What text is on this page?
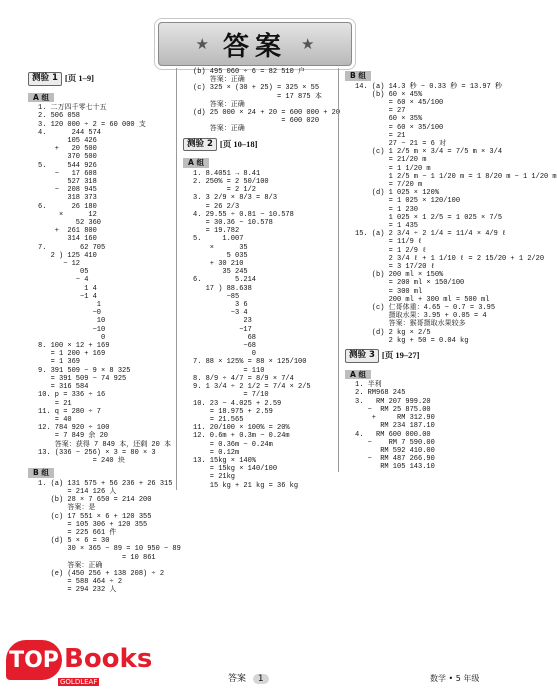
★ 答案 ★
测验 1 [页 1–9]
A 组
1. 二万四千零七十五
2. 506 058
3. 120 000 ÷ 2 = 60 000 支
4.      244 574
105 426
+   20 500
370 500
5.     544 926
−   17 608
527 318
−  208 945
318 373
6.      26 180
×      12
52 360
+  261 800
314 160
7.        62 705
2 ) 125 410
− 12
05
− 4
1 4
−1 4
1
−0
10
−10
0
8. 100 × 12 + 169
= 1 200 + 169
= 1 369
9. 391 509 − 9 × 8 325
= 391 509 − 74 925
= 316 584
10. p = 336 ÷ 16
= 21
11. q = 280 ÷ 7
= 40
12. 784 920 ÷ 100
= 7 849 余 20
答案：获得 7 849 本，还剩 20 本
13. (336 − 256) × 3 = 80 × 3
= 240 块
B 组
1. (a) 131 575 + 56 236 + 26 315
= 214 126 人
(b) 28 × 7 650 = 214 200
答案：是
(c) 17 551 × 6 + 120 355
= 105 306 + 120 355
= 225 661 件
(d) 5 × 6 = 30
30 × 365 − 89 = 10 950 − 89
= 10 861
答案：正确
(e) (450 256 + 138 208) ÷ 2
= 588 464 ÷ 2
= 294 232 人
(b) 495 060 ÷ 6 = 82 510 户
答案：正确
(c) 325 × (30 + 25) = 325 × 55
= 17 875 本
答案：正确
(d) 25 000 × 24 + 20 = 600 000 + 20
= 600 020
答案：正确
测验 2 [页 10–18]
A 组
1. 8.4051 → 8.41
2. 250% = 2 50/100
= 2 1/2
3. 3 2/9 × 8/3 = 8/3
= 26 2/3
4. 29.55 ÷ 0.81 − 10.578
= 30.36 − 10.578
= 19.782
5.     1.007
×      35
5 035
+ 30 210
35 245
6.        5.214
17 ) 88.638
−85
3 6
−3 4
23
−17
68
−68
0
7. 88 × 125% = 88 × 125/100
= 110
8. 8/9 ÷ 4/7 = 8/9 × 7/4
9. 1 3/4 ÷ 2 1/2 = 7/4 × 2/5
= 7/10
10. 23 − 4.025 + 2.59
= 18.975 + 2.59
= 21.565
11. 20/100 × 100% = 20%
12. 0.6m + 0.3m − 0.24m
= 0.36m − 0.24m
= 0.12m
13. 15kg × 140%
= 15kg × 140/100
= 21kg
15 kg + 21 kg = 36 kg
B 组
14. (a) 14.3 秒 − 0.33 秒 = 13.97 秒
(b) 60 × 45%
= 60 × 45/100
= 27
60 × 35%
= 60 × 35/100
= 21
27 − 21 = 6 对
(c) 1 2/5 m × 3/4 = 7/5 m × 3/4
= 21/20 m
= 1 1/20 m
1 2/5 m − 1 1/20 m = 1 8/20 m − 1 1/20 m
= 7/20 m
(d) 1 025 × 120%
= 1 025 × 120/100
= 1 230
1 025 × 1 2/5 = 1 025 × 7/5
= 1 435
15. (a) 2 3/4 ÷ 2 1/4 = 11/4 × 4/9 ℓ
= 11/9 ℓ
= 1 2/9 ℓ
2 3/4 ℓ + 1 1/10 ℓ = 2 15/20 + 1 2/20
= 3 17/20 ℓ
(b) 200 ml × 150%
= 200 ml × 150/100
= 300 ml
200 ml + 300 ml = 500 ml
(c) 仁哥体重：4.65 − 0.7 = 3.95
摄取水果：3.95 + 0.05 = 4
答案：猴哥摄取水果较多
(d) 2 kg × 2/5
2 kg + 50 = 0.04 kg
测验 3 [页 19–27]
A 组
1. 半利
2. RM968 245
3.   RM 207 999.20
−  RM 25 875.00
+     RM 312.90
RM 234 187.10
4.   RM 600 000.00
−    RM 7 590.00
RM 592 410.00
−  RM 487 266.90
RM 105 143.10
TOP Books
GOLDLEAF	答案 1	数学 • 5 年级
